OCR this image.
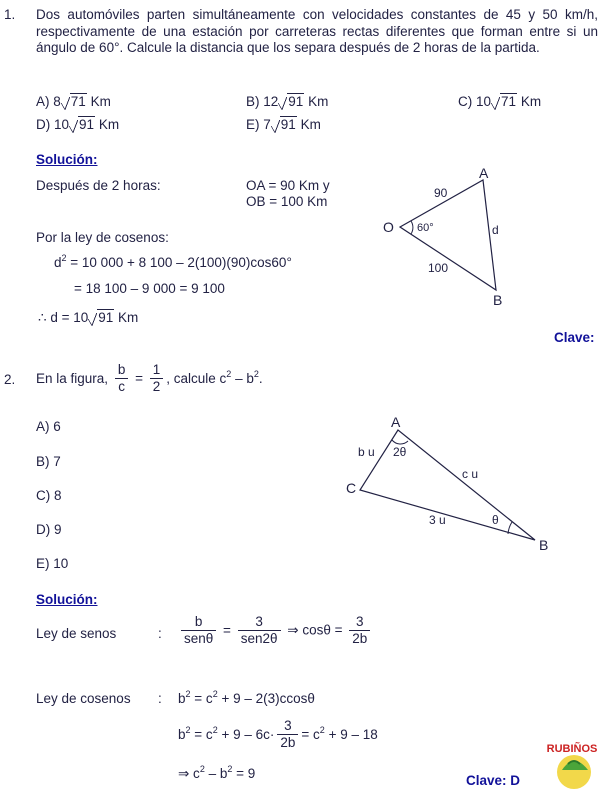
1. Dos automóviles parten simultáneamente con velocidades constantes de 45 y 50 km/h, respectivamente de una estación por carreteras rectas diferentes que forman entre si un ángulo de 60°. Calcule la distancia que los separa después de 2 horas de la partida.
A) 8 71 Km	B) 12 91 Km	C) 10 71 Km
D) 10 91 Km	E) 7 91 Km
Solución:
Después de 2 horas:	OA = 90 Km y
OB = 100 Km
Por la ley de cosenos:
$d^2 = 10$ 000 + 8 100 – 2(100)(90)cos60°
= 18 100 – 9 000 = 9 100
∴ d = 10 91 Km
Clave:
O
A
B
90
100
d
60°
2. En la figura, $\frac{b}{c} = \frac{1}{2}$ , calcule $c^2 - b^2$.
A) 6
B) 7
C) 8
D) 9
E) 10
A
C
B
b u
c u
3 u
2θ
θ
Solución:
Ley de senos	: $\frac{b}{\text{senθ}} = \frac{3}{\text{sen2θ}}$ ⇒ $\cos\theta = \frac{3}{2b}$
Ley de cosenos : $b^2 = c^2 + 9 - 2(3)ccos\theta$
$b^2 = c^2 + 9 - 6c\cdot \frac{3}{2b} = c^2 + 9 - 18$
⇒ $c^2 - b^2 = 9$	Clave: D
RUBIÑOS
